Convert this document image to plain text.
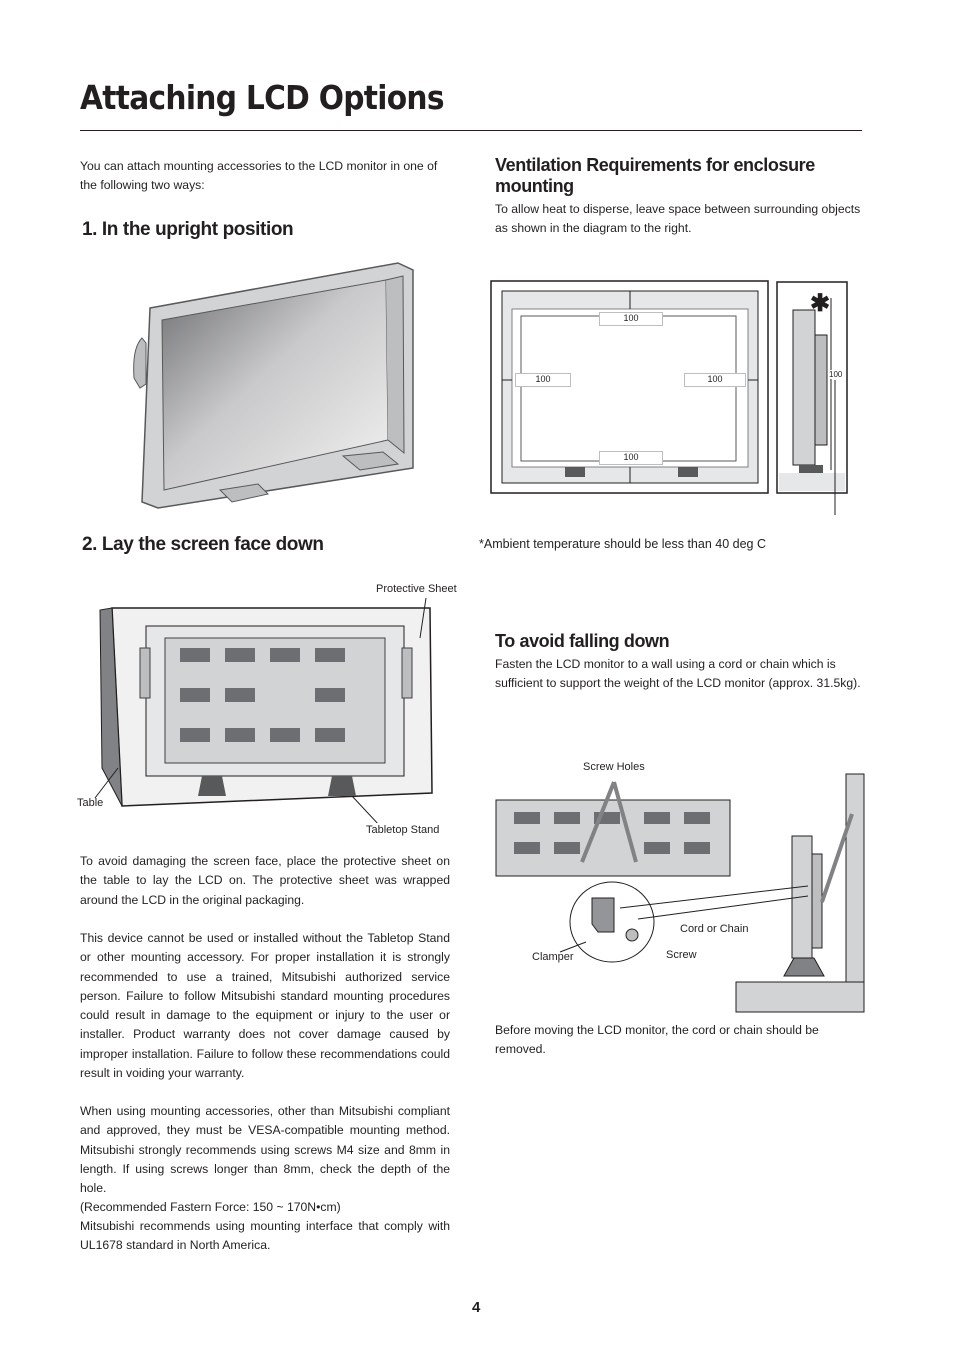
Attaching LCD Options
You can attach mounting accessories to the LCD monitor in one of the following two ways:
1. In the upright position
2. Lay the screen face down
Protective Sheet
Table
Tabletop Stand
To avoid damaging the screen face, place the protective sheet on the table to lay the LCD on. The protective sheet was wrapped around the LCD in the original packaging.
This device cannot be used or installed without the Tabletop Stand or other mounting accessory. For proper installation it is strongly recommended to use a trained, Mitsubishi authorized service person. Failure to follow Mitsubishi standard mounting procedures could result in damage to the equipment or injury to the user or installer. Product warranty does not cover damage caused by improper installation. Failure to follow these recommendations could result in voiding your warranty.
When using mounting accessories, other than Mitsubishi compliant and approved, they must be VESA-compatible mounting method. Mitsubishi strongly recommends using screws M4 size and 8mm in length. If using screws longer than 8mm, check the depth of the hole.
(Recommended Fastern Force: 150 ~ 170N•cm)
Mitsubishi recommends using mounting interface that comply with UL1678 standard in North America.
Ventilation Requirements for enclosure mounting
To allow heat to disperse, leave space between surrounding objects as shown in the diagram to the right.
100
100	100
100
✱
100
*Ambient temperature should be less than 40 deg C
To avoid falling down
Fasten the LCD monitor to a wall using a cord or chain which is sufficient to support the weight of the LCD monitor (approx. 31.5kg).
Screw Holes
Cord or Chain
Clamper	Screw
Before moving the LCD monitor, the cord or chain should be removed.
4
